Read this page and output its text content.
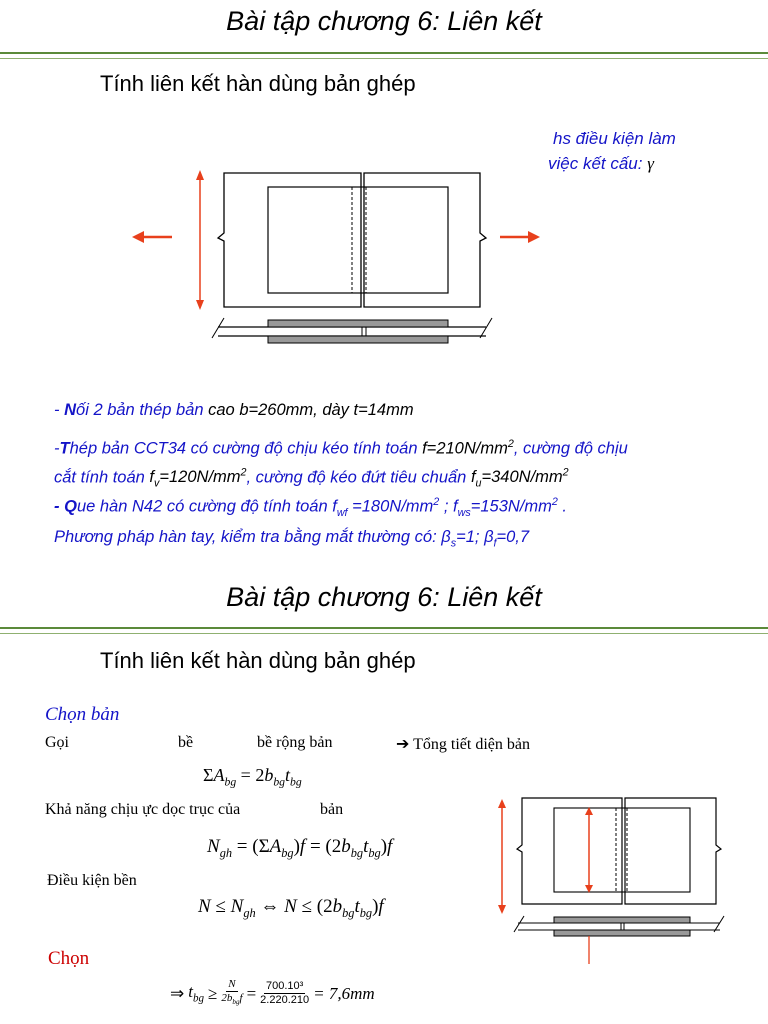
Bài tập chương 6: Liên kết
Tính liên kết hàn dùng bản ghép
hs điều kiện làm
việc kết cấu: γ
- Nối 2 bản thép bản cao b=260mm, dày t=14mm
-Thép bản CCT34 có cường độ chịu kéo tính toán $f=210N/mm^2$, cường độ chịu
cắt tính toán $f_v=120N/mm^2$, cường độ kéo đứt tiêu chuẩn $f_u=340N/mm^2$
- Que hàn N42 có cường độ tính toán $f_{wf} =180N/mm^2$ ; $f_{ws}=153N/mm^2$ .
Phương pháp hàn tay, kiểm tra bằng mắt thường có: $\beta_s=1$; $\beta_f=0,7$
Bài tập chương 6: Liên kết
Tính liên kết hàn dùng bản ghép
Chọn bản
Gọi	bề	bề rộng bản	➔ Tổng tiết diện bản
$\Sigma A_{bg} = 2b_{bg}t_{bg}$
Khả năng chịu ực dọc trục của	bản
$N_{gh} = (\Sigma A_{bg})f = (2b_{bg}t_{bg})f$
Điều kiện bền
$N \le N_{gh}$ ⇔ $N \le (2b_{bg}t_{bg})f$
Chọn
⇒ $t_{bg} \ge N$
$2b_{bg}f = \frac{\text{700.10³}}{2.220.210} = 7,6mm$
